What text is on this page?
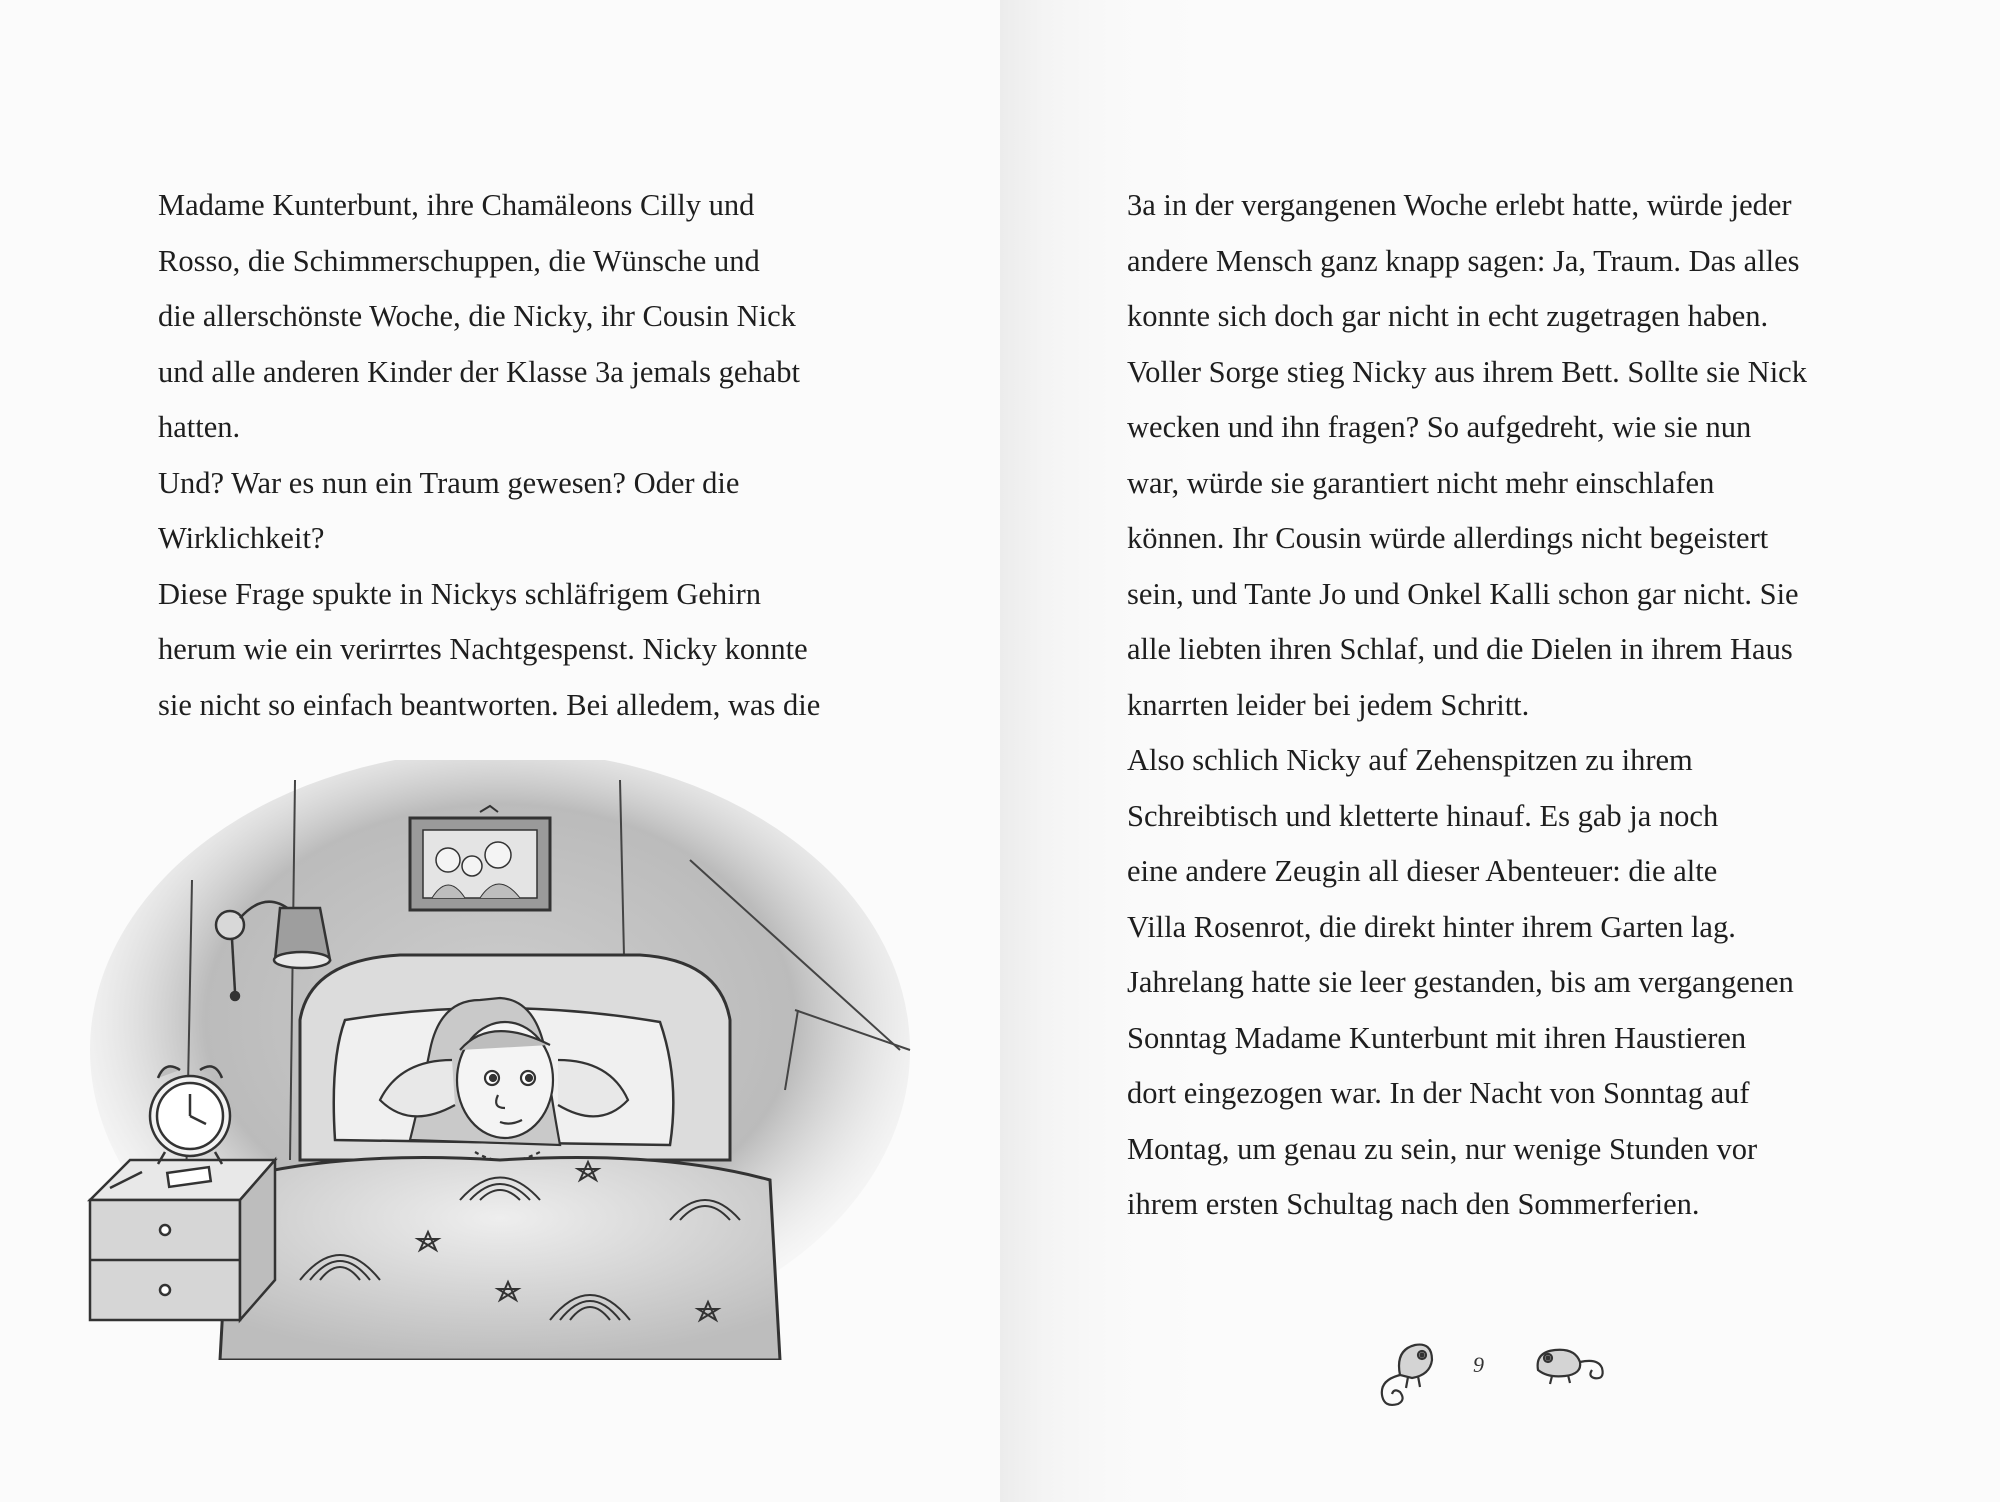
Madame Kunterbunt, ihre Chamäleons Cilly und
Rosso, die Schimmerschuppen, die Wünsche und
die allerschönste Woche, die Nicky, ihr Cousin Nick
und alle anderen Kinder der Klasse 3a jemals gehabt
hatten.
Und? War es nun ein Traum gewesen? Oder die
Wirklichkeit?
Diese Frage spukte in Nickys schläfrigem Gehirn
herum wie ein verirrtes Nachtgespenst. Nicky konnte
sie nicht so einfach beantworten. Bei alledem, was die
3a in der vergangenen Woche erlebt hatte, würde jeder
andere Mensch ganz knapp sagen: Ja, Traum. Das alles
konnte sich doch gar nicht in echt zugetragen haben.
Voller Sorge stieg Nicky aus ihrem Bett. Sollte sie Nick
wecken und ihn fragen? So aufgedreht, wie sie nun
war, würde sie garantiert nicht mehr einschlafen
können. Ihr Cousin würde allerdings nicht begeistert
sein, und Tante Jo und Onkel Kalli schon gar nicht. Sie
alle liebten ihren Schlaf, und die Dielen in ihrem Haus
knarrten leider bei jedem Schritt.
Also schlich Nicky auf Zehenspitzen zu ihrem
Schreibtisch und kletterte hinauf. Es gab ja noch
eine andere Zeugin all dieser Abenteuer: die alte
Villa Rosenrot, die direkt hinter ihrem Garten lag.
Jahrelang hatte sie leer gestanden, bis am vergangenen
Sonntag Madame Kunterbunt mit ihren Haustieren
dort eingezogen war. In der Nacht von Sonntag auf
Montag, um genau zu sein, nur wenige Stunden vor
ihrem ersten Schultag nach den Sommerferien.
9
